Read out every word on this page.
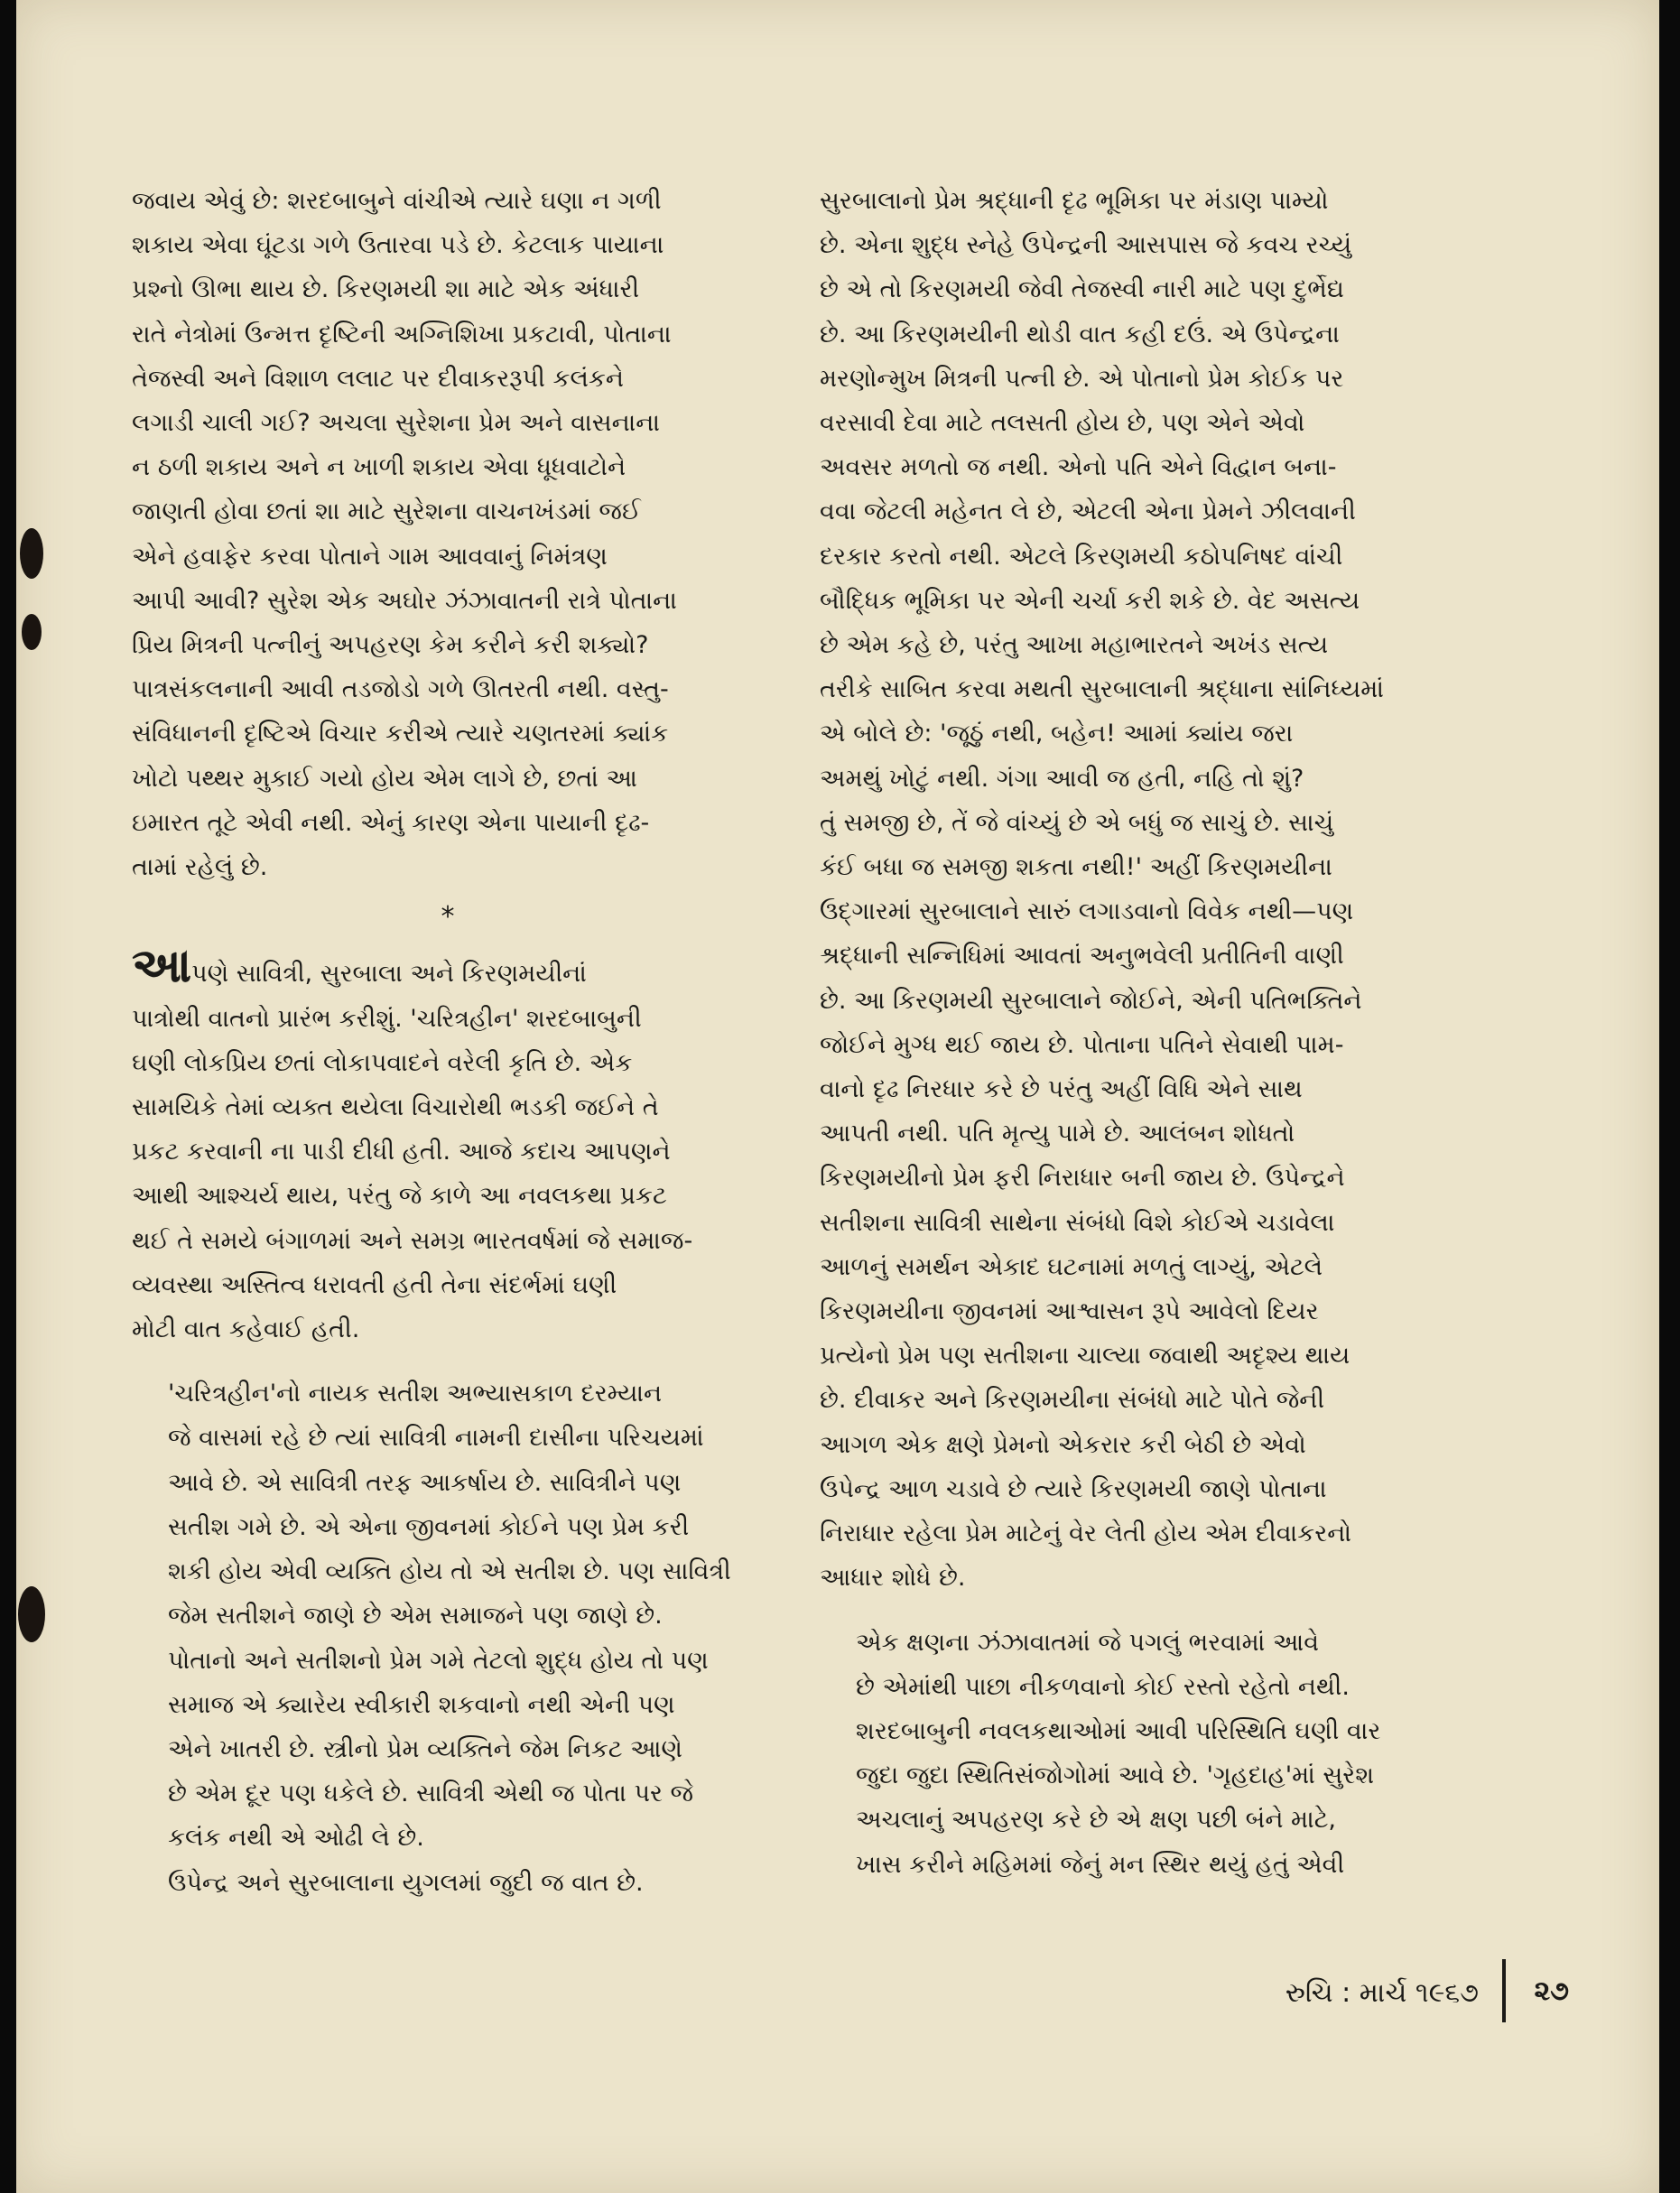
જવાય એવું છે: શરદબાબુને વાંચીએ ત્યારે ઘણા ન ગળી
શકાય એવા ઘૂંટડા ગળે ઉતારવા પડે છે. કેટલાક પાયાના
પ્રશ્નો ઊભા થાય છે. કિરણમયી શા માટે એક અંધારી
રાતે નેત્રોમાં ઉન્મત્ત દૃષ્ટિની અગ્નિશિખા પ્રકટાવી, પોતાના
તેજસ્વી અને વિશાળ લલાટ પર દીવાકરરૂપી કલંકને
લગાડી ચાલી ગઈ? અચલા સુરેશના પ્રેમ અને વાસનાના
ન ઠળી શકાય અને ન ખાળી શકાય એવા ધૂધવાટોને
જાણતી હોવા છતાં શા માટે સુરેશના વાચનખંડમાં જઈ
એને હવાફેર કરવા પોતાને ગામ આવવાનું નિમંત્રણ
આપી આવી? સુરેશ એક અઘોર ઝંઝાવાતની રાત્રે પોતાના
પ્રિય મિત્રની પત્નીનું અપહરણ કેમ કરીને કરી શક્યો?
પાત્રસંકલનાની આવી તડજોડો ગળે ઊતરતી નથી. વસ્તુ-
સંવિધાનની દૃષ્ટિએ વિચાર કરીએ ત્યારે ચણતરમાં ક્યાંક
ખોટો પથ્થર મુકાઈ ગયો હોય એમ લાગે છે, છતાં આ
ઇમારત તૂટે એવી નથી. એનું કારણ એના પાયાની દૃઢ-
તામાં રહેલું છે.
*
આપણે સાવિત્રી, સુરબાલા અને કિરણમયીનાં
પાત્રોથી વાતનો પ્રારંભ કરીશું. 'ચરિત્રહીન' શરદબાબુની
ઘણી લોકપ્રિય છતાં લોકાપવાદને વરેલી કૃતિ છે. એક
સામયિકે તેમાં વ્યક્ત થયેલા વિચારોથી ભડકી જઈને તે
પ્રકટ કરવાની ના પાડી દીધી હતી. આજે કદાચ આપણને
આથી આશ્ચર્ય થાય, પરંતુ જે કાળે આ નવલકથા પ્રકટ
થઈ તે સમયે બંગાળમાં અને સમગ્ર ભારતવર્ષમાં જે સમાજ-
વ્યવસ્થા અસ્તિત્વ ધરાવતી હતી તેના સંદર્ભમાં ઘણી
મોટી વાત કહેવાઈ હતી.
'ચરિત્રહીન'નો નાયક સતીશ અભ્યાસકાળ દરમ્યાન
જે વાસમાં રહે છે ત્યાં સાવિત્રી નામની દાસીના પરિચયમાં
આવે છે. એ સાવિત્રી તરફ આકર્ષાય છે. સાવિત્રીને પણ
સતીશ ગમે છે. એ એના જીવનમાં કોઈને પણ પ્રેમ કરી
શકી હોય એવી વ્યક્તિ હોય તો એ સતીશ છે. પણ સાવિત્રી
જેમ સતીશને જાણે છે એમ સમાજને પણ જાણે છે.
પોતાનો અને સતીશનો પ્રેમ ગમે તેટલો શુદ્ધ હોય તો પણ
સમાજ એ ક્યારેય સ્વીકારી શકવાનો નથી એની પણ
એને ખાતરી છે. સ્ત્રીનો પ્રેમ વ્યક્તિને જેમ નિકટ આણે
છે એમ દૂર પણ ધકેલે છે. સાવિત્રી એથી જ પોતા પર જે
કલંક નથી એ ઓઢી લે છે.
ઉપેન્દ્ર અને સુરબાલાના યુગલમાં જુદી જ વાત છે.
સુરબાલાનો પ્રેમ શ્રદ્ધાની દૃઢ ભૂમિકા પર મંડાણ પામ્યો
છે. એના શુદ્ધ સ્નેહે ઉપેન્દ્રની આસપાસ જે કવચ રચ્યું
છે એ તો કિરણમયી જેવી તેજસ્વી નારી માટે પણ દુર્ભેદ્ય
છે. આ કિરણમયીની થોડી વાત કહી દઉં. એ ઉપેન્દ્રના
મરણોન્મુખ મિત્રની પત્ની છે. એ પોતાનો પ્રેમ કોઈક પર
વરસાવી દેવા માટે તલસતી હોય છે, પણ એને એવો
અવસર મળતો જ નથી. એનો પતિ એને વિદ્વાન બના-
વવા જેટલી મહેનત લે છે, એટલી એના પ્રેમને ઝીલવાની
દરકાર કરતો નથી. એટલે કિરણમયી કઠોપનિષદ વાંચી
બૌદ્ધિક ભૂમિકા પર એની ચર્ચા કરી શકે છે. વેદ અસત્ય
છે એમ કહે છે, પરંતુ આખા મહાભારતને અખંડ સત્ય
તરીકે સાબિત કરવા મથતી સુરબાલાની શ્રદ્ધાના સાંનિધ્યમાં
એ બોલે છે: 'જૂઠું નથી, બહેન! આમાં ક્યાંય જરા
અમથું ખોટું નથી. ગંગા આવી જ હતી, નહિ તો શું?
તું સમજી છે, તેં જે વાંચ્યું છે એ બધું જ સાચું છે. સાચું
કંઈ બધા જ સમજી શકતા નથી!' અહીં કિરણમયીના
ઉદ્ગારમાં સુરબાલાને સારું લગાડવાનો વિવેક નથી—પણ
શ્રદ્ધાની સન્નિધિમાં આવતાં અનુભવેલી પ્રતીતિની વાણી
છે. આ કિરણમયી સુરબાલાને જોઈને, એની પતિભક્તિને
જોઈને મુગ્ધ થઈ જાય છે. પોતાના પતિને સેવાથી પામ-
વાનો દૃઢ નિરધાર કરે છે પરંતુ અહીં વિધિ એને સાથ
આપતી નથી. પતિ મૃત્યુ પામે છે. આલંબન શોધતો
કિરણમયીનો પ્રેમ ફરી નિરાધાર બની જાય છે. ઉપેન્દ્રને
સતીશના સાવિત્રી સાથેના સંબંધો વિશે કોઈએ ચડાવેલા
આળનું સમર્થન એકાદ ઘટનામાં મળતું લાગ્યું, એટલે
કિરણમયીના જીવનમાં આશ્વાસન રૂપે આવેલો દિયર
પ્રત્યેનો પ્રેમ પણ સતીશના ચાલ્યા જવાથી અદૃશ્ય થાય
છે. દીવાકર અને કિરણમયીના સંબંધો માટે પોતે જેની
આગળ એક ક્ષણે પ્રેમનો એકરાર કરી બેઠી છે એવો
ઉપેન્દ્ર આળ ચડાવે છે ત્યારે કિરણમયી જાણે પોતાના
નિરાધાર રહેલા પ્રેમ માટેનું વેર લેતી હોય એમ દીવાકરનો
આધાર શોધે છે.
એક ક્ષણના ઝંઝાવાતમાં જે પગલું ભરવામાં આવે
છે એમાંથી પાછા નીકળવાનો કોઈ રસ્તો રહેતો નથી.
શરદબાબુની નવલકથાઓમાં આવી પરિસ્થિતિ ઘણી વાર
જુદા જુદા સ્થિતિસંજોગોમાં આવે છે. 'ગૃહદાહ'માં સુરેશ
અચલાનું અપહરણ કરે છે એ ક્ષણ પછી બંને માટે,
ખાસ કરીને મહિમમાં જેનું મન સ્થિર થયું હતું એવી
રુચિ : માર્ચ ૧૯૬૭ ૨૭
